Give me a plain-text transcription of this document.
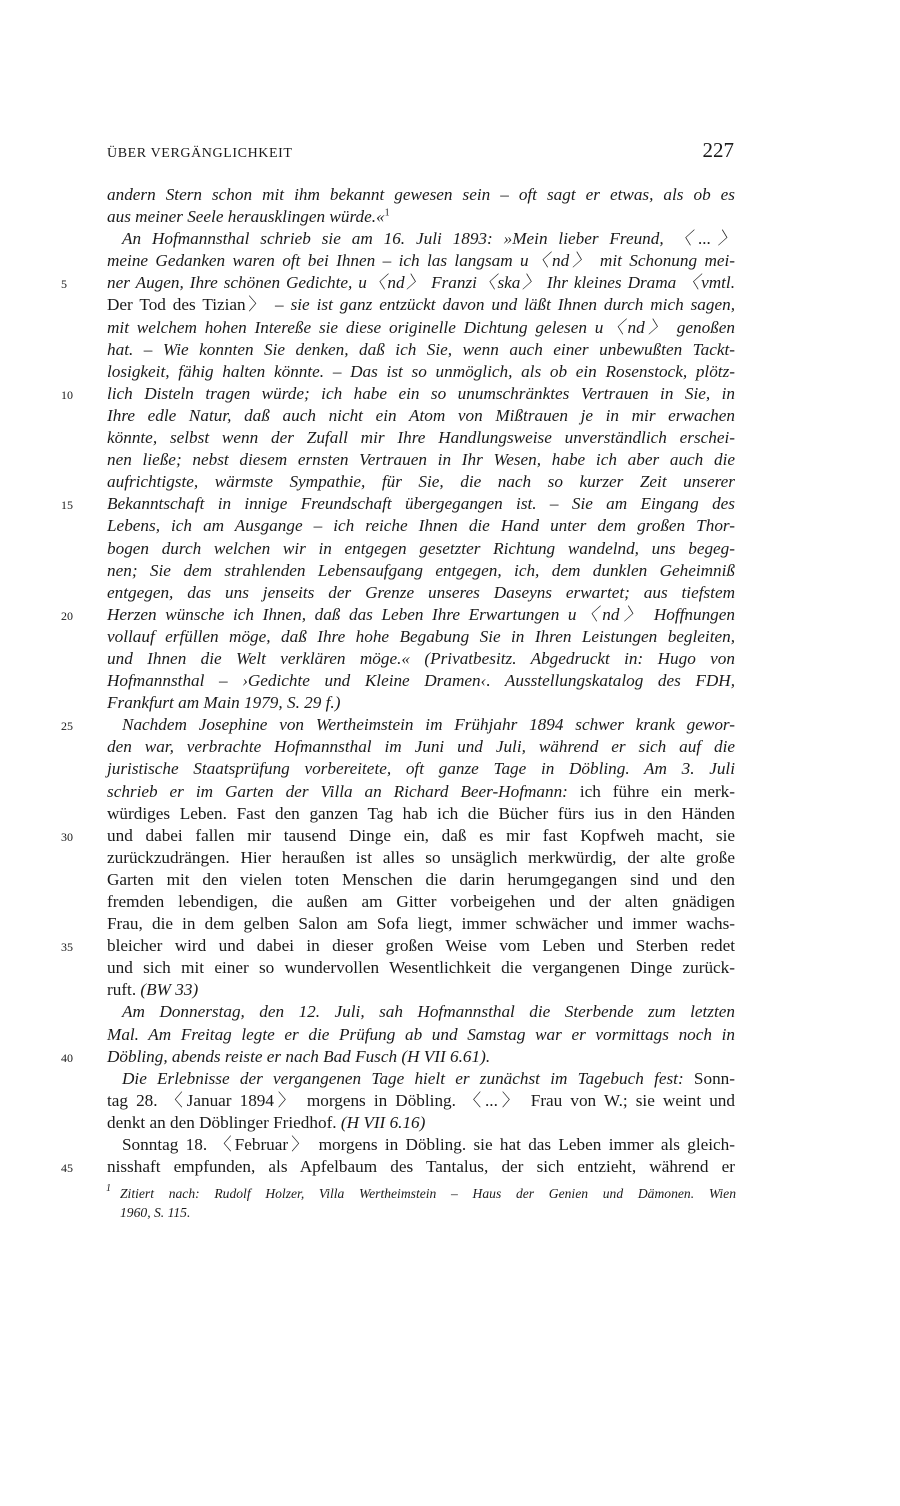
ÜBER VERGÄNGLICHKEIT	227
andern Stern schon mit ihm bekannt gewesen sein – oft sagt er etwas, als ob es
aus meiner Seele herausklingen würde.«$^1$
An Hofmannsthal schrieb sie am 16. Juli 1893: »Mein lieber Freund, 〈...〉
meine Gedanken waren oft bei Ihnen – ich las langsam u〈nd〉 mit Schonung mei-
5 ner Augen, Ihre schönen Gedichte, u〈nd〉 Franzi〈ska〉 Ihr kleines Drama 〈vmtl.
Der Tod des Tizian〉 – sie ist ganz entzückt davon und läßt Ihnen durch mich sagen,
mit welchem hohen Intereße sie diese originelle Dichtung gelesen u〈nd〉 genoßen
hat. – Wie konnten Sie denken, daß ich Sie, wenn auch einer unbewußten Tackt-
losigkeit, fähig halten könnte. – Das ist so unmöglich, als ob ein Rosenstock, plötz-
10 lich Disteln tragen würde; ich habe ein so unumschränktes Vertrauen in Sie, in
Ihre edle Natur, daß auch nicht ein Atom von Mißtrauen je in mir erwachen
könnte, selbst wenn der Zufall mir Ihre Handlungsweise unverständlich erschei-
nen ließe; nebst diesem ernsten Vertrauen in Ihr Wesen, habe ich aber auch die
aufrichtigste, wärmste Sympathie, für Sie, die nach so kurzer Zeit unserer
15 Bekanntschaft in innige Freundschaft übergegangen ist. – Sie am Eingang des
Lebens, ich am Ausgange – ich reiche Ihnen die Hand unter dem großen Thor-
bogen durch welchen wir in entgegen gesetzter Richtung wandelnd, uns begeg-
nen; Sie dem strahlenden Lebensaufgang entgegen, ich, dem dunklen Geheimniß
entgegen, das uns jenseits der Grenze unseres Daseyns erwartet; aus tiefstem
20 Herzen wünsche ich Ihnen, daß das Leben Ihre Erwartungen u〈nd〉 Hoffnungen
vollauf erfüllen möge, daß Ihre hohe Begabung Sie in Ihren Leistungen begleiten,
und Ihnen die Welt verklären möge.« (Privatbesitz. Abgedruckt in: Hugo von
Hofmannsthal – ›Gedichte und Kleine Dramen‹. Ausstellungskatalog des FDH,
Frankfurt am Main 1979, S. 29 f.)
25	Nachdem Josephine von Wertheimstein im Frühjahr 1894 schwer krank gewor-
den war, verbrachte Hofmannsthal im Juni und Juli, während er sich auf die
juristische Staatsprüfung vorbereitete, oft ganze Tage in Döbling. Am 3. Juli
schrieb er im Garten der Villa an Richard Beer-Hofmann: ich führe ein merk-
würdiges Leben. Fast den ganzen Tag hab ich die Bücher fürs ius in den Händen
30 und dabei fallen mir tausend Dinge ein, daß es mir fast Kopfweh macht, sie
zurückzudrängen. Hier heraußen ist alles so unsäglich merkwürdig, der alte große
Garten mit den vielen toten Menschen die darin herumgegangen sind und den
fremden lebendigen, die außen am Gitter vorbeigehen und der alten gnädigen
Frau, die in dem gelben Salon am Sofa liegt, immer schwächer und immer wachs-
35 bleicher wird und dabei in dieser großen Weise vom Leben und Sterben redet
und sich mit einer so wundervollen Wesentlichkeit die vergangenen Dinge zurück-
ruft. (BW 33)
Am Donnerstag, den 12. Juli, sah Hofmannsthal die Sterbende zum letzten
Mal. Am Freitag legte er die Prüfung ab und Samstag war er vormittags noch in
40 Döbling, abends reiste er nach Bad Fusch (H VII 6.61).
Die Erlebnisse der vergangenen Tage hielt er zunächst im Tagebuch fest: Sonn-
tag 28. 〈Januar 1894〉 morgens in Döbling. 〈...〉 Frau von W.; sie weint und
denkt an den Döblinger Friedhof. (H VII 6.16)
Sonntag 18. 〈Februar〉 morgens in Döbling. sie hat das Leben immer als gleich-
45 nisshaft empfunden, als Apfelbaum des Tantalus, der sich entzieht, während er
1 Zitiert nach: Rudolf Holzer, Villa Wertheimstein – Haus der Genien und Dämonen. Wien
1960, S. 115.
